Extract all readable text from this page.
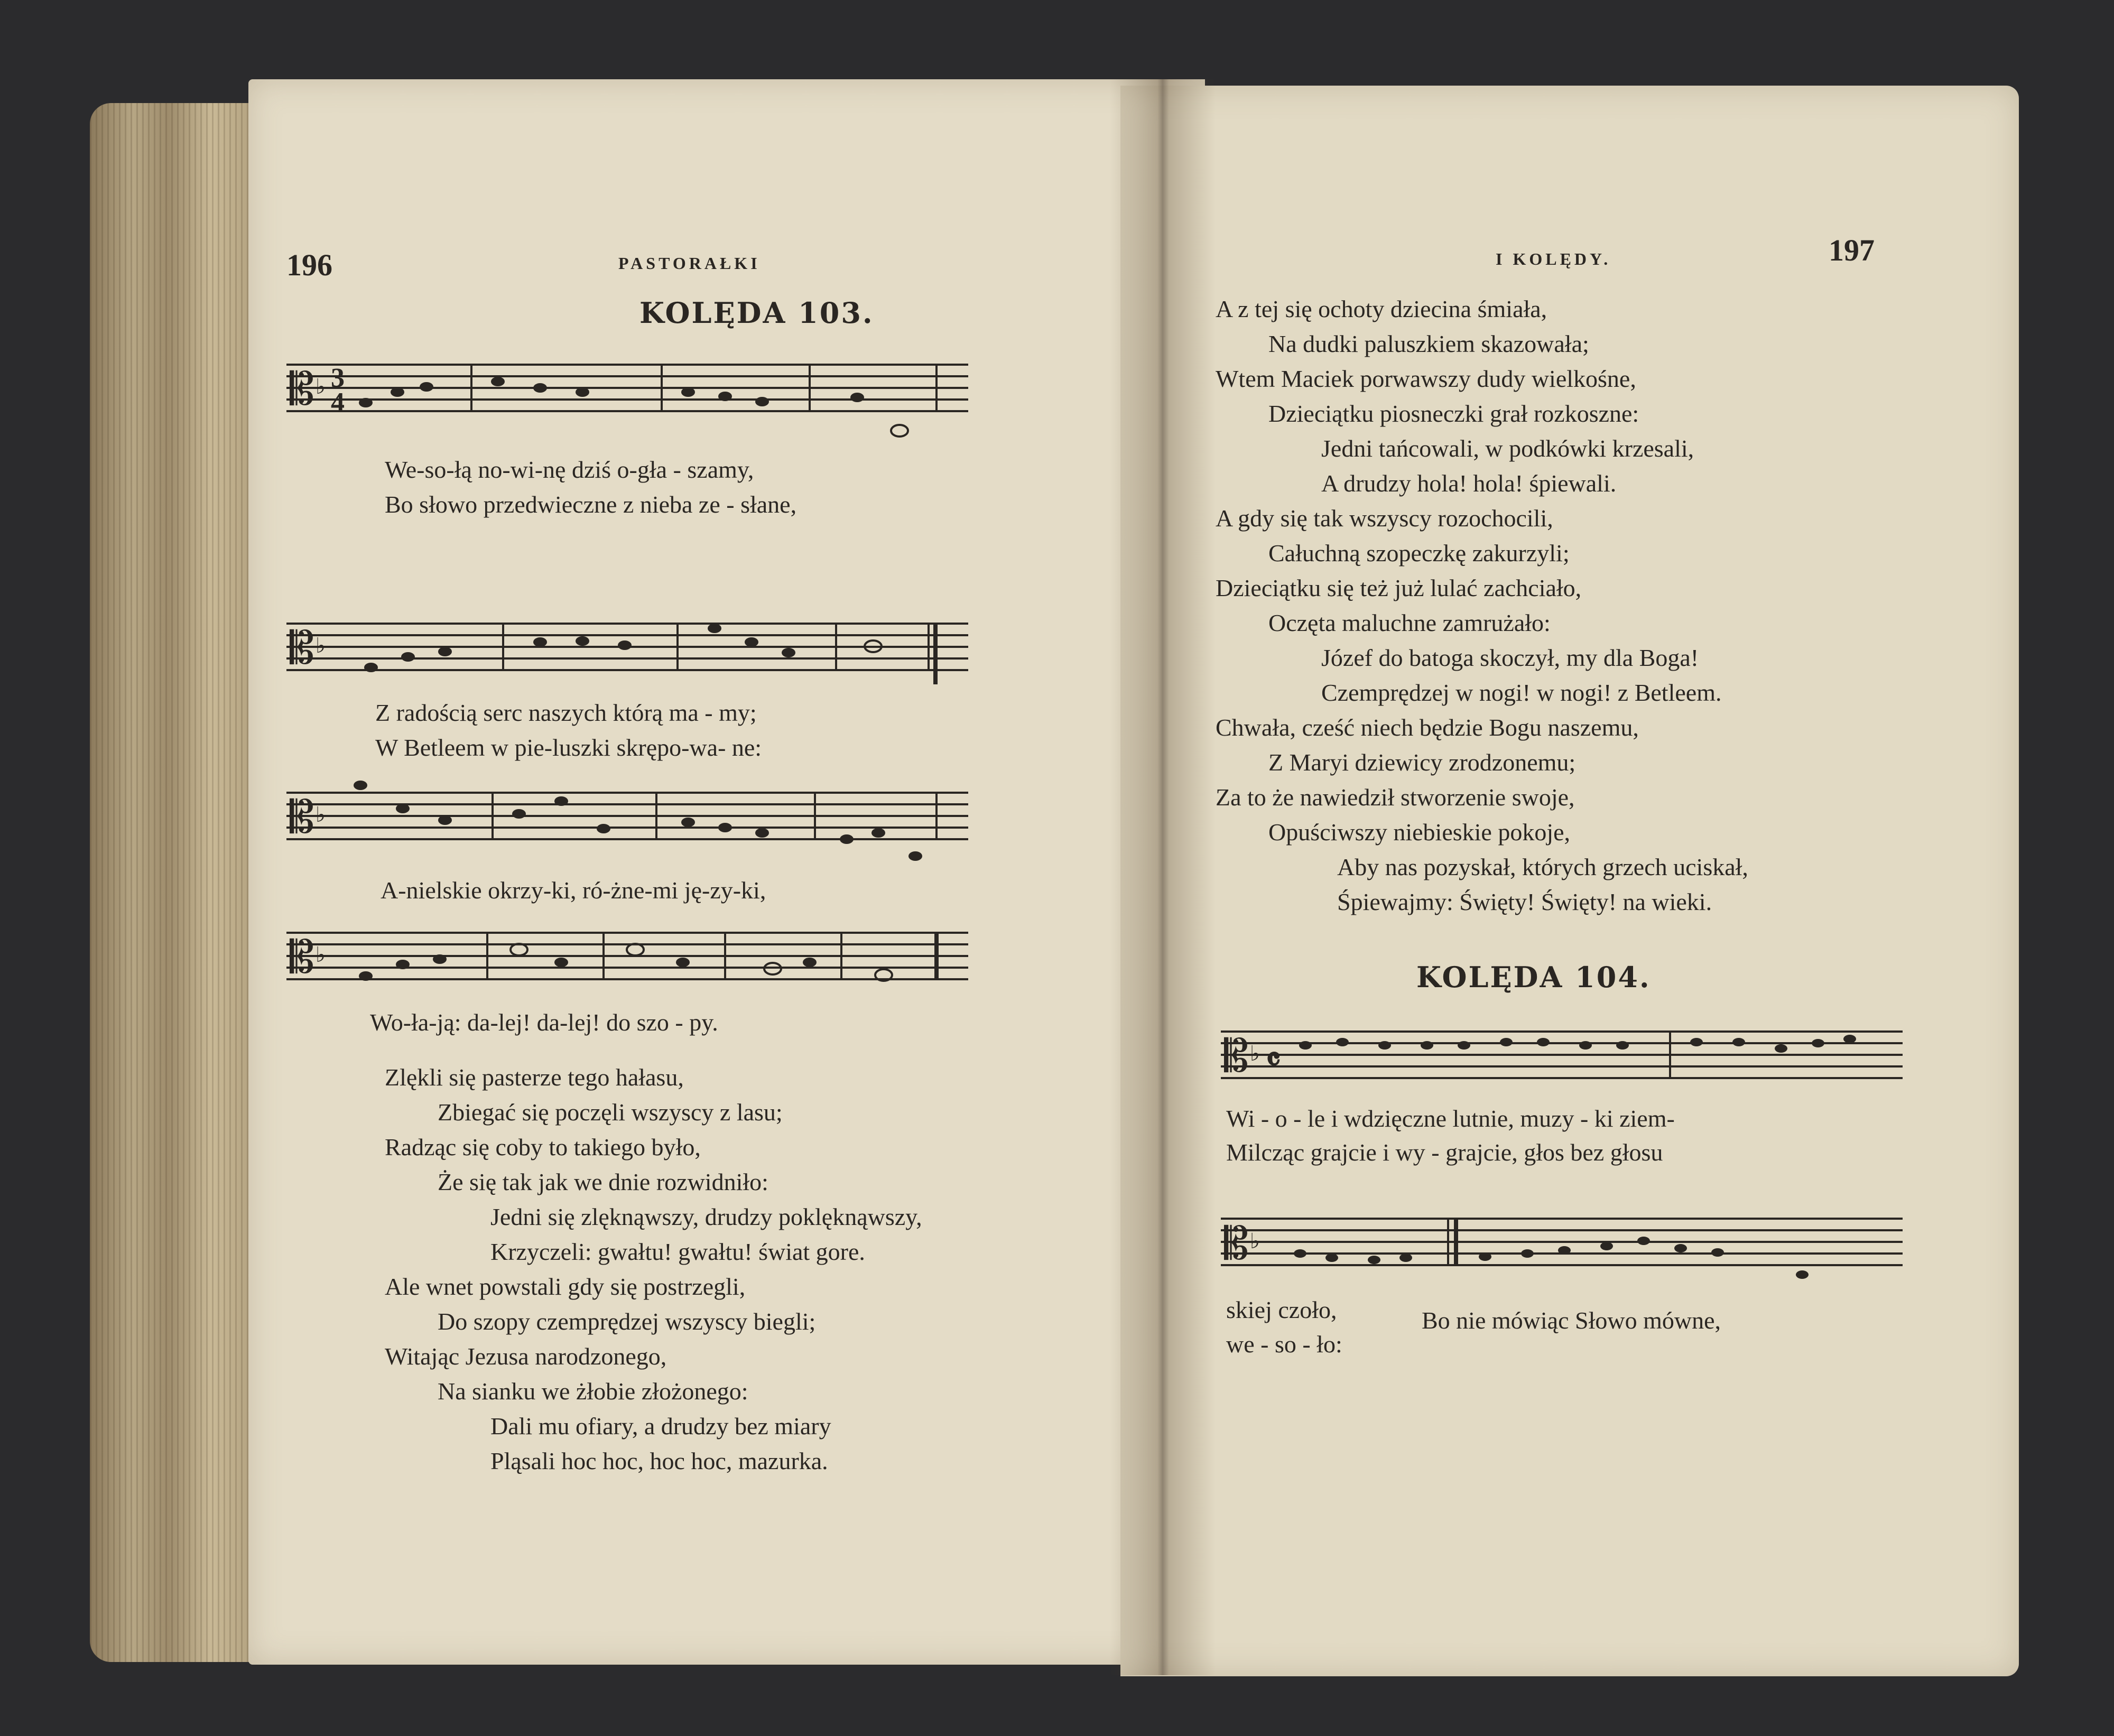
196	PASTORAŁKI
KOLĘDA 103.
𝄡 ♭ 3
4
We-so-łą no-wi-nę dziś o-gła - szamy,
Bo słowo przedwieczne z nieba ze - słane,
𝄡 ♭
Z radością serc naszych którą ma - my;
W Betleem w pie-luszki skrępo-wa- ne:
𝄡 ♭
A-nielskie okrzy-ki, ró-żne-mi ję-zy-ki,
𝄡 ♭
Wo-ła-ją: da-lej! da-lej! do szo - py.
Zlękli się pasterze tego hałasu,
Zbiegać się poczęli wszyscy z lasu;
Radząc się coby to takiego było,
Że się tak jak we dnie rozwidniło:
Jedni się zlęknąwszy, drudzy poklęknąwszy,
Krzyczeli: gwałtu! gwałtu! świat gore.
Ale wnet powstali gdy się postrzegli,
Do szopy czemprędzej wszyscy biegli;
Witając Jezusa narodzonego,
Na sianku we żłobie złożonego:
Dali mu ofiary, a drudzy bez miary
Pląsali hoc hoc, hoc hoc, mazurka.
I KOLĘDY.	197
A z tej się ochoty dziecina śmiała,
Na dudki paluszkiem skazowała;
Wtem Maciek porwawszy dudy wielkośne,
Dzieciątku piosneczki grał rozkoszne:
Jedni tańcowali, w podkówki krzesali,
A drudzy hola! hola! śpiewali.
A gdy się tak wszyscy rozochocili,
Całuchną szopeczkę zakurzyli;
Dzieciątku się też już lulać zachciało,
Oczęta maluchne zamrużało:
Józef do batoga skoczył, my dla Boga!
Czemprędzej w nogi! w nogi! z Betleem.
Chwała, cześć niech będzie Bogu naszemu,
Z Maryi dziewicy zrodzonemu;
Za to że nawiedził stworzenie swoje,
Opuściwszy niebieskie pokoje,
Aby nas pozyskał, których grzech uciskał,
Śpiewajmy: Święty! Święty! na wieki.
KOLĘDA 104.
𝄡 ♭ 𝄴
Wi - o - le i wdzięczne lutnie, muzy - ki ziem-
Milcząc grajcie i wy - grajcie, głos bez głosu
𝄡 ♭
skiej czoło,
we - so - ło:
Bo nie mówiąc Słowo mówne,
